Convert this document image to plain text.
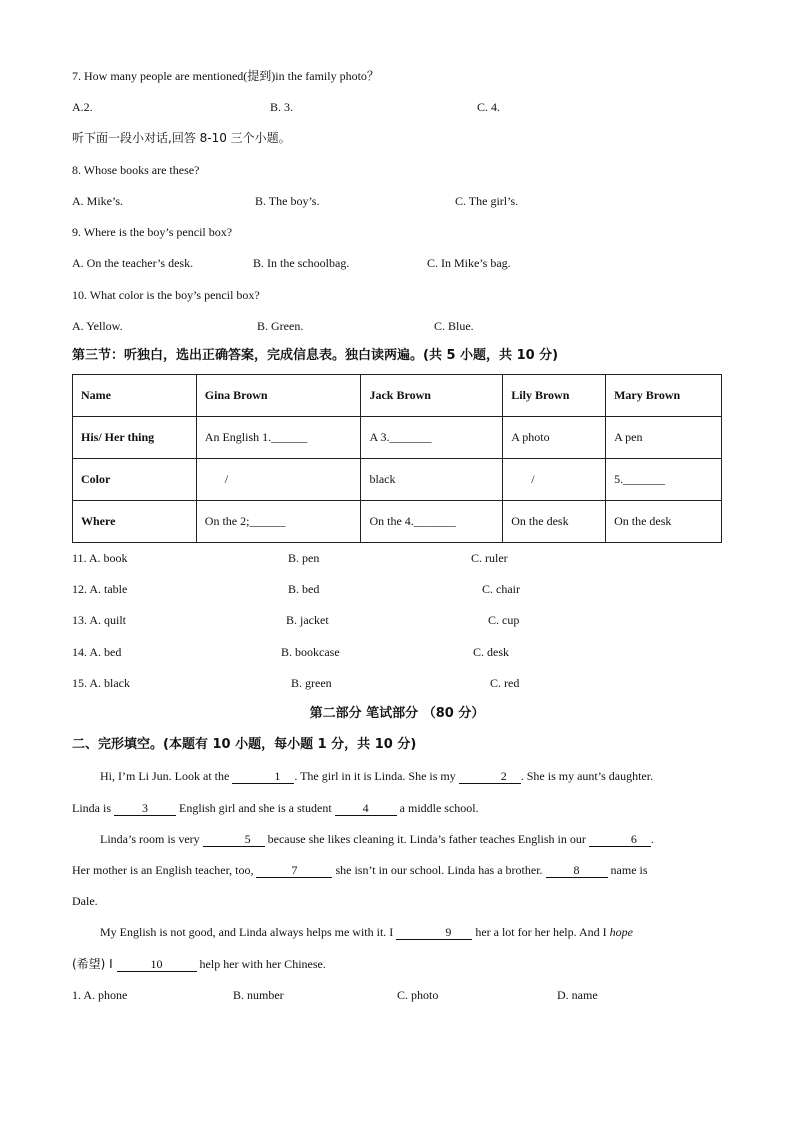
7. How many people are mentioned(提到)in the family photo？
A.2.	B. 3.	C. 4.
听下面一段小对话,回答 8-10 三个小题。
8. Whose books are these?
A. Mike’s.	B. The boy’s.	C. The girl’s.
9. Where is the boy’s pencil box?
A. On the teacher’s desk.	B. In the schoolbag.	C. In Mike’s bag.
10. What color is the boy’s pencil box?
A. Yellow.	B. Green.	C. Blue.
第三节：听独白，选出正确答案，完成信息表。独白读两遍。(共 5 小题，共 10 分)
Name	Gina Brown	Jack Brown	Lily Brown	Mary Brown
His/ Her thing	An English 1.______	A 3._______	A photo	A pen
Color	/	black	/	5._______
Where	On the 2;______	On the 4._______	On the desk	On the desk
11. A. book	B. pen	C. ruler
12. A. table	B. bed	C. chair
13. A. quilt	B. jacket	C. cup
14. A. bed	B. bookcase	C. desk
15. A. black	B. green	C. red
第二部分 笔试部分 （80 分）
二、完形填空。(本题有 10 小题，每小题 1 分，共 10 分)
Hi, I’m Li Jun. Look at the	1 . The girl in it is Linda. She is my	2 . She is my aunt’s daughter.
Linda is 3 English girl and she is a student 4 a middle school.
Linda’s room is very	5 because she likes cleaning it. Linda’s father teaches English in our	6 .
Her mother is an English teacher, too,	7	she isn’t in our school. Linda has a brother. 8 name is
Dale.
My English is not good, and Linda always helps me with it. I	9 her a lot for her help. And I hope
(希望) I	10	help her with her Chinese.
1. A. phone	B. number	C. photo	D. name
